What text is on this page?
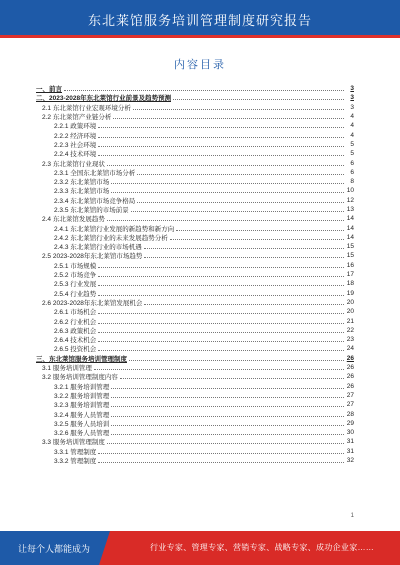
东北莱馆服务培训管理制度研究报告
内容目录
一、前言	3
二、2023-2028年东北莱馆行业前景及趋势预测	3
2.1 东北莱馆行业宏观环境分析	3
2.2 东北莱馆产业链分析	4
2.2.1 政策环境	4
2.2.2 经济环境	4
2.2.3 社会环境	5
2.2.4 技术环境	5
2.3 东北莱馆行业现状	6
2.3.1 全国东北莱馆市场分析	6
2.3.2 东北莱馆市场	8
2.3.3 东北莱馆市场	10
2.3.4 东北莱馆市场竞争格局	12
2.3.5 东北莱馆的市场前景	13
2.4 东北莱馆发展趋势	14
2.4.1 东北莱馆行业发展的新趋势和新方向	14
2.4.2 东北莱馆行业的未来发展趋势分析	14
2.4.3 东北莱馆行业的市场机遇	15
2.5 2023-2028年东北莱馆市场趋势	15
2.5.1 市场规模	16
2.5.2 市场竞争	17
2.5.3 行业发展	18
2.5.4 行业趋势	19
2.6 2023-2028年东北莱馆发展机会	20
2.6.1 市场机会	20
2.6.2 行业机会	21
2.6.3 政策机会	22
2.6.4 技术机会	23
2.6.5 投资机会	24
三、东北莱馆服务培训管理制度	26
3.1 服务培训管理	26
3.2 服务培训管理制度内容	26
3.2.1 服务培训管理	26
3.2.2 服务培训管理	27
3.2.3 服务培训管理	27
3.2.4 服务人员管理	28
3.2.5 服务人员培训	29
3.2.6 服务人员管理	30
3.3 服务培训管理制度	31
3.3.1 管理制度	31
3.3.2 管理制度	32
1
让每个人都能成为	行业专家、管理专家、营销专家、战略专家、成功企业家……
